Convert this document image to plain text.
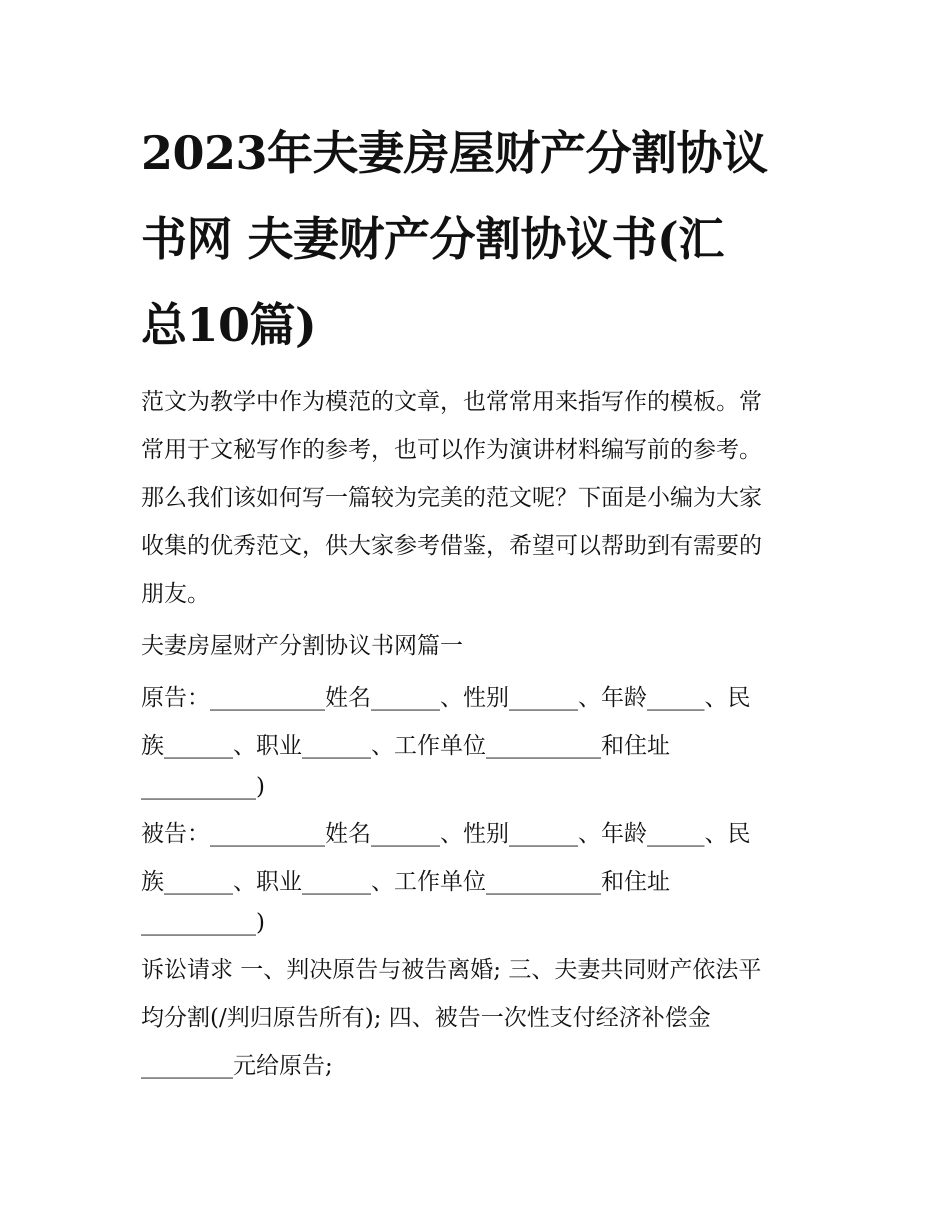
2023年夫妻房屋财产分割协议
书网 夫妻财产分割协议书(汇
总10篇)
范文为教学中作为模范的文章，也常常用来指写作的模板。常
常用于文秘写作的参考，也可以作为演讲材料编写前的参考。
那么我们该如何写一篇较为完美的范文呢？下面是小编为大家
收集的优秀范文，供大家参考借鉴，希望可以帮助到有需要的
朋友。
夫妻房屋财产分割协议书网篇一
原告：__________姓名______、性别______、年龄_____、民
族______、职业______、工作单位__________和住址
__________)
被告：__________姓名______、性别______、年龄_____、民
族______、职业______、工作单位__________和住址
__________)
诉讼请求 一、判决原告与被告离婚; 三、夫妻共同财产依法平
均分割(/判归原告所有); 四、被告一次性支付经济补偿金
________元给原告;
